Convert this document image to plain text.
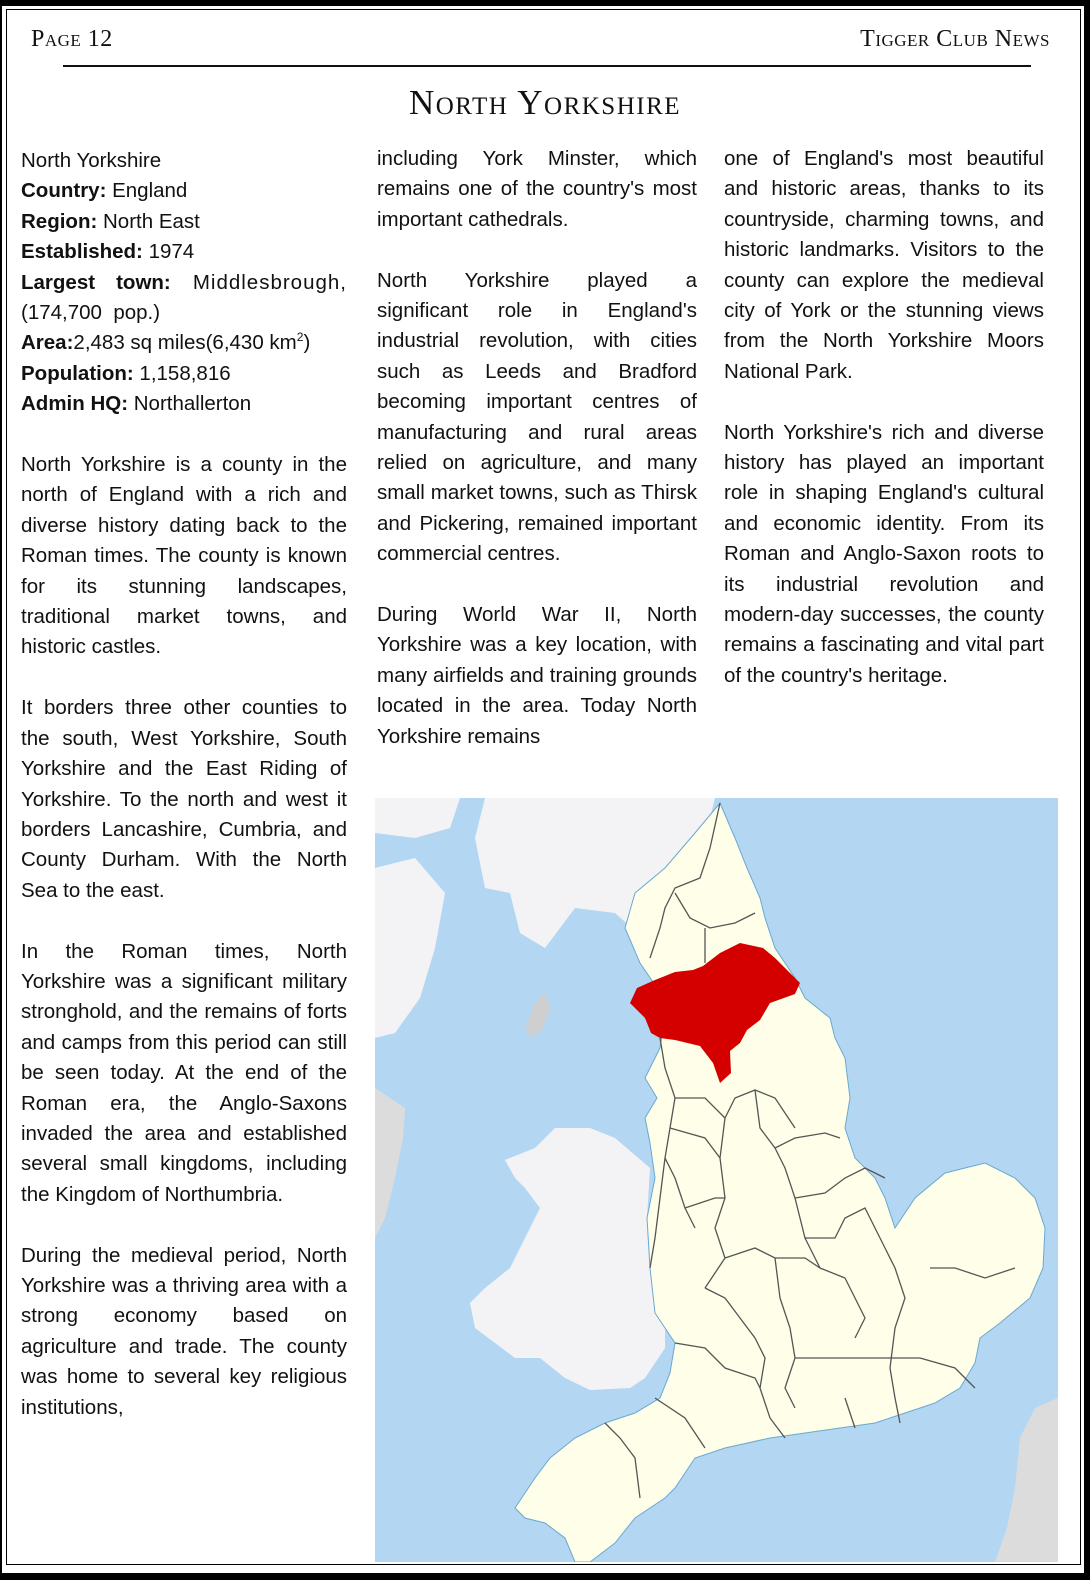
Page 12	Tigger Club News
North Yorkshire
North Yorkshire
Country: England
Region: North East
Established: 1974
Largest town: Middlesbrough,
(174,700  pop.)
Area:2,483 sq miles(6,430 $km^2$)
Population: 1,158,816
Admin HQ: Northallerton

North Yorkshire is a county in the north of England with a rich and diverse history dating back to the Roman times. The county is known for its stunning landscapes, traditional market towns, and historic castles.

It borders three other counties to the south, West Yorkshire, South Yorkshire and the East Riding of Yorkshire. To the north and west it borders Lancashire, Cumbria, and County Durham. With the North Sea to the east.

In the Roman times, North Yorkshire was a significant military stronghold, and the remains of forts and camps from this period can still be seen today. At the end of the Roman era, the Anglo-Saxons invaded the area and established several small kingdoms, including the Kingdom of Northumbria.

During the medieval period, North Yorkshire was a thriving area with a strong economy based on agriculture and trade. The county was home to several key religious institutions,

including York Minster, which remains one of the country's most important cathedrals.

North Yorkshire played a significant role in England's industrial revolution, with cities such as Leeds and Bradford becoming important centres of manufacturing and rural areas relied on agriculture, and many small market towns, such as Thirsk and Pickering, remained important commercial centres.

During World War II, North Yorkshire was a key location, with many airfields and training grounds located in the area. Today North Yorkshire remains

one of England's most beautiful and historic areas, thanks to its countryside, charming towns, and historic landmarks. Visitors to the county can explore the medieval city of York or the stunning views from the North Yorkshire Moors National Park.

North Yorkshire's rich and diverse history has played an important role in shaping England's cultural and economic identity. From its Roman and Anglo-Saxon roots to its industrial revolution and modern-day successes, the county remains a fascinating and vital part of the country's heritage.
